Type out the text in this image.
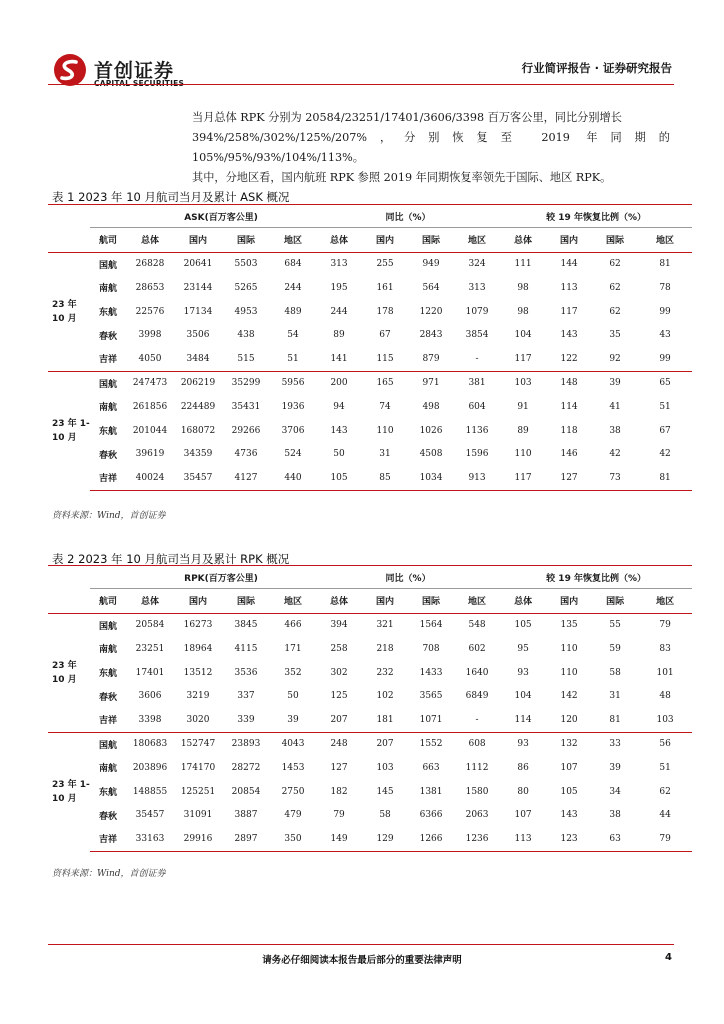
首创证券
CAPITAL SECURITIES
行业简评报告 · 证券研究报告

当月总体 RPK 分别为 20584/23251/17401/3606/3398 百万客公里，同比分别增长

394%/258%/302%/125%/207%，分别恢复至 2019 年同期的 105%/95%/93%/104%/113%。

其中，分地区看，国内航班 RPK 参照 2019 年同期恢复率领先于国际、地区 RPK。

表 1 2023 年 10 月航司当月及累计 ASK 概况
		ASK(百万客公里)				同比（%）				较 19 年恢复比例（%）			
	航司	总体	国内	国际	地区	总体	国内	国际	地区	总体	国内	国际	地区
23 年 10 月	国航	26828	20641	5503	684	313	255	949	324	111	144	62	81
	南航	28653	23144	5265	244	195	161	564	313	98	113	62	78
	东航	22576	17134	4953	489	244	178	1220	1079	98	117	62	99
	春秋	3998	3506	438	54	89	67	2843	3854	104	143	35	43
	吉祥	4050	3484	515	51	141	115	879	-	117	122	92	99
23 年 1-10 月	国航	247473	206219	35299	5956	200	165	971	381	103	148	39	65
	南航	261856	224489	35431	1936	94	74	498	604	91	114	41	51
	东航	201044	168072	29266	3706	143	110	1026	1136	89	118	38	67
	春秋	39619	34359	4736	524	50	31	4508	1596	110	146	42	42
	吉祥	40024	35457	4127	440	105	85	1034	913	117	127	73	81
资料来源：Wind，首创证券
表 2 2023 年 10 月航司当月及累计 RPK 概况
		RPK(百万客公里)				同比（%）				较 19 年恢复比例（%）			
	航司	总体	国内	国际	地区	总体	国内	国际	地区	总体	国内	国际	地区
23 年 10 月	国航	20584	16273	3845	466	394	321	1564	548	105	135	55	79
	南航	23251	18964	4115	171	258	218	708	602	95	110	59	83
	东航	17401	13512	3536	352	302	232	1433	1640	93	110	58	101
	春秋	3606	3219	337	50	125	102	3565	6849	104	142	31	48
	吉祥	3398	3020	339	39	207	181	1071	-	114	120	81	103
23 年 1-10 月	国航	180683	152747	23893	4043	248	207	1552	608	93	132	33	56
	南航	203896	174170	28272	1453	127	103	663	1112	86	107	39	51
	东航	148855	125251	20854	2750	182	145	1381	1580	80	105	34	62
	春秋	35457	31091	3887	479	79	58	6366	2063	107	143	38	44
	吉祥	33163	29916	2897	350	149	129	1266	1236	113	123	63	79
资料来源：Wind，首创证券
请务必仔细阅读本报告最后部分的重要法律声明	4
